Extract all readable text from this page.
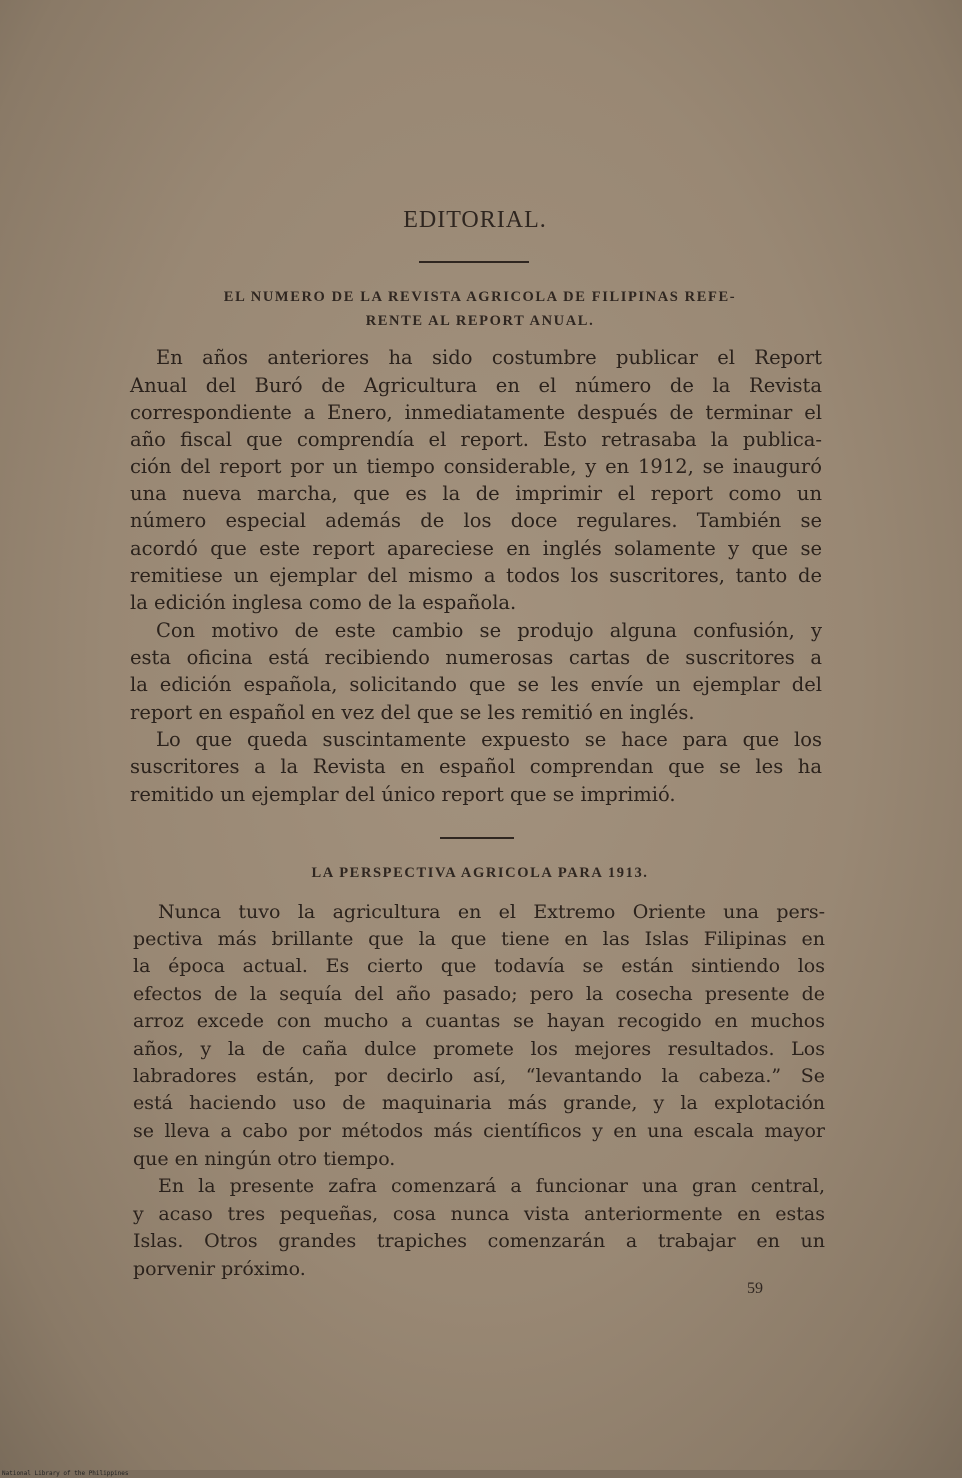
EDITORIAL.
EL NUMERO DE LA REVISTA AGRICOLA DE FILIPINAS REFE-
RENTE AL REPORT ANUAL.
En años anteriores ha sido costumbre publicar el Report
Anual del Buró de Agricultura en el número de la Revista
correspondiente a Enero, inmediatamente después de terminar el
año fiscal que comprendía el report. Esto retrasaba la publica-
ción del report por un tiempo considerable, y en 1912, se inauguró
una nueva marcha, que es la de imprimir el report como un
número especial además de los doce regulares. También se
acordó que este report apareciese en inglés solamente y que se
remitiese un ejemplar del mismo a todos los suscritores, tanto de
la edición inglesa como de la española.
Con motivo de este cambio se produjo alguna confusión, y
esta oficina está recibiendo numerosas cartas de suscritores a
la edición española, solicitando que se les envíe un ejemplar del
report en español en vez del que se les remitió en inglés.
Lo que queda suscintamente expuesto se hace para que los
suscritores a la Revista en español comprendan que se les ha
remitido un ejemplar del único report que se imprimió.
LA PERSPECTIVA AGRICOLA PARA 1913.
Nunca tuvo la agricultura en el Extremo Oriente una pers-
pectiva más brillante que la que tiene en las Islas Filipinas en
la época actual. Es cierto que todavía se están sintiendo los
efectos de la sequía del año pasado; pero la cosecha presente de
arroz excede con mucho a cuantas se hayan recogido en muchos
años, y la de caña dulce promete los mejores resultados. Los
labradores están, por decirlo así, “levantando la cabeza.” Se
está haciendo uso de maquinaria más grande, y la explotación
se lleva a cabo por métodos más científicos y en una escala mayor
que en ningún otro tiempo.
En la presente zafra comenzará a funcionar una gran central,
y acaso tres pequeñas, cosa nunca vista anteriormente en estas
Islas. Otros grandes trapiches comenzarán a trabajar en un
porvenir próximo.
59
National Library of the Philippines
